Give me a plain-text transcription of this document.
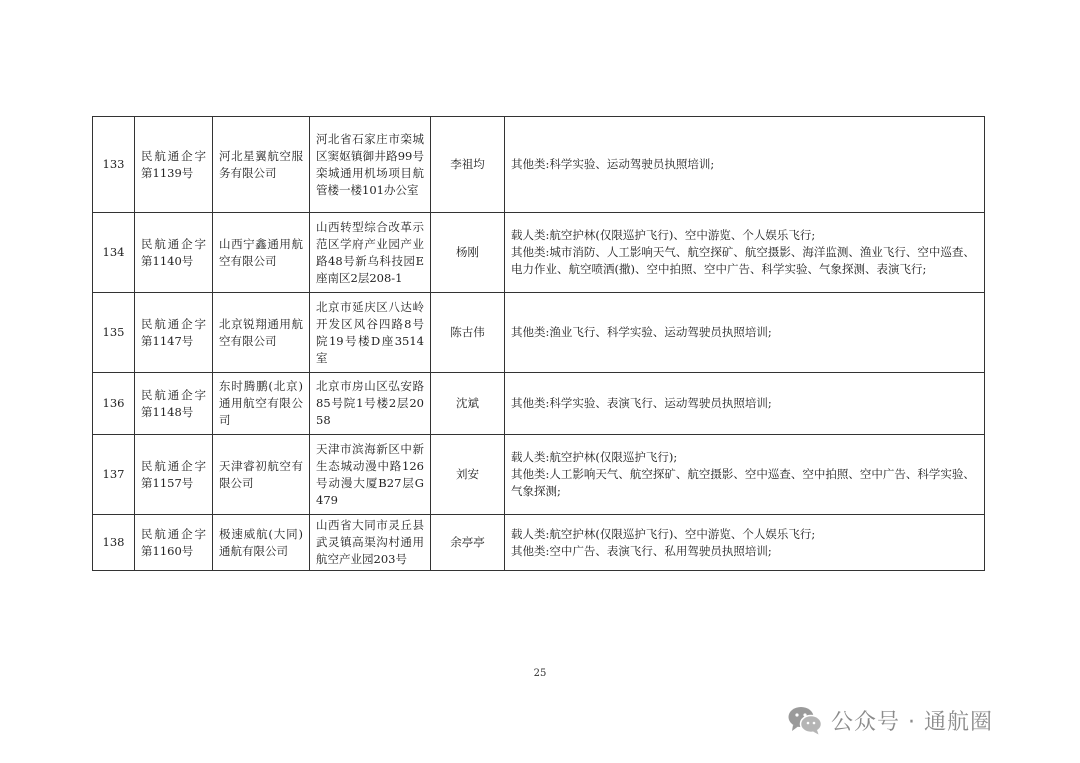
133	民航通企字第1139号	河北星翼航空服务有限公司	河北省石家庄市栾城区窦妪镇御井路99号栾城通用机场项目航管楼一楼101办公室	李祖均	其他类:科学实验、运动驾驶员执照培训;

134	民航通企字第1140号	山西宁鑫通用航空有限公司	山西转型综合改革示范区学府产业园产业路48号新乌科技园E座南区2层208-1	杨刚	载人类:航空护林(仅限巡护飞行)、空中游览、个人娱乐飞行;
其他类:城市消防、人工影响天气、航空探矿、航空摄影、海洋监测、渔业飞行、空中巡查、
电力作业、航空喷洒(撒)、空中拍照、空中广告、科学实验、气象探测、表演飞行;

135	民航通企字第1147号	北京锐翔通用航空有限公司	北京市延庆区八达岭开发区风谷四路8号院19号楼D座3514室	陈古伟	其他类:渔业飞行、科学实验、运动驾驶员执照培训;

136	民航通企字第1148号	东时腾鹏(北京)通用航空有限公司	北京市房山区弘安路85号院1号楼2层2058	沈斌	其他类:科学实验、表演飞行、运动驾驶员执照培训;

137	民航通企字第1157号	天津睿初航空有限公司	天津市滨海新区中新生态城动漫中路126号动漫大厦B27层G479	刘安	载人类:航空护林(仅限巡护飞行);
其他类:人工影响天气、航空探矿、航空摄影、空中巡查、空中拍照、空中广告、科学实验、
气象探测;

138	民航通企字第1160号	极速威航(大同)通航有限公司	山西省大同市灵丘县武灵镇高渠沟村通用航空产业园203号	余亭亭	载人类:航空护林(仅限巡护飞行)、空中游览、个人娱乐飞行;
其他类:空中广告、表演飞行、私用驾驶员执照培训;
25
公众号 · 通航圈
